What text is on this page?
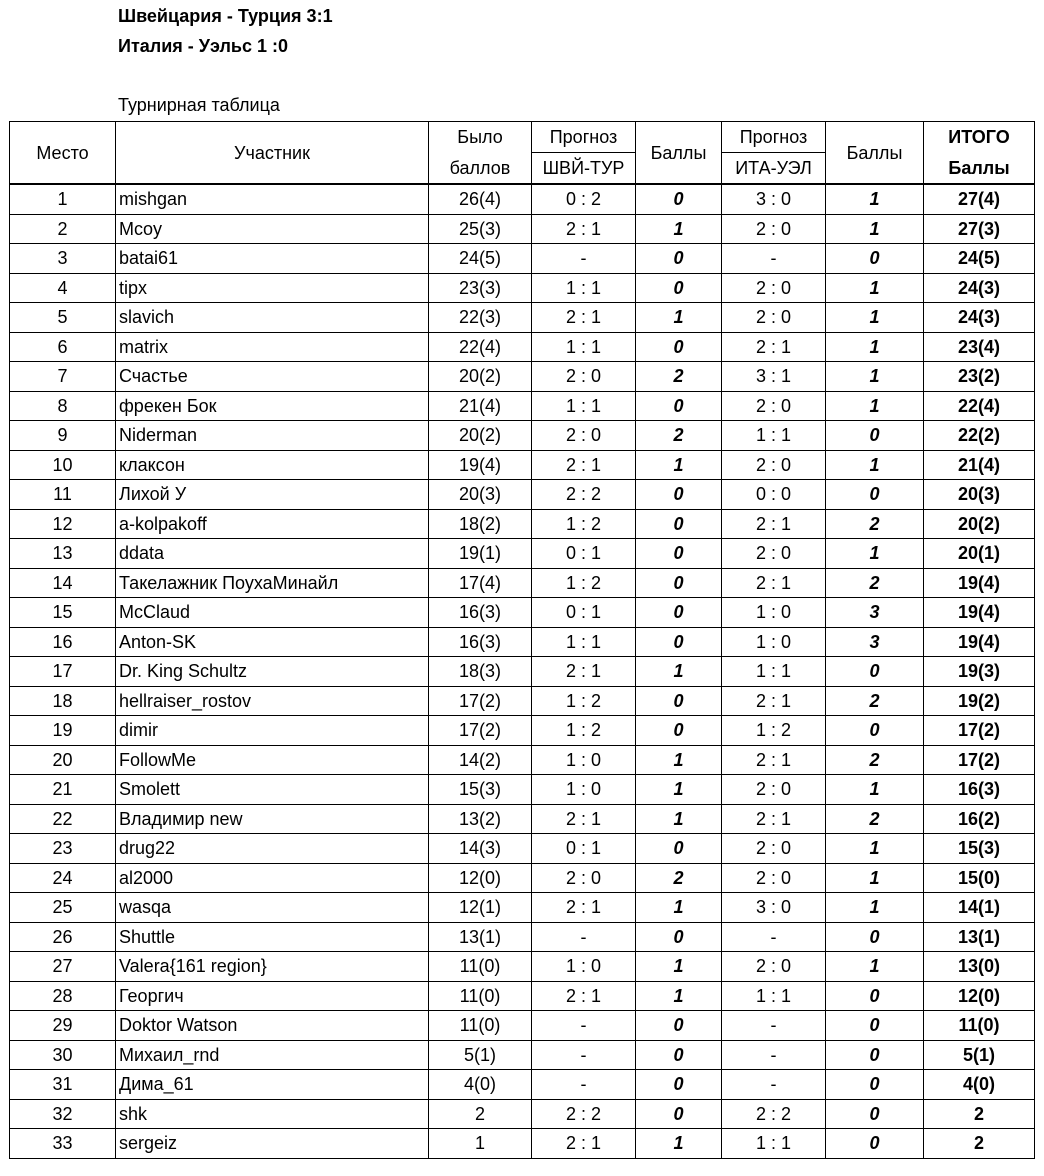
Швейцария - Турция 3:1
Италия - Уэльс 1 :0
Турнирная таблица
Место	Участник	Было	Прогноз	Баллы	Прогноз	Баллы	ИТОГО
		баллов	ШВЙ-ТУР		ИТА-УЭЛ		Баллы
1	mishgan	26(4)	0 : 2	0	3 : 0	1	27(4)
2	Mcoy	25(3)	2 : 1	1	2 : 0	1	27(3)
3	batai61	24(5)	-	0	-	0	24(5)
4	tipx	23(3)	1 : 1	0	2 : 0	1	24(3)
5	slavich	22(3)	2 : 1	1	2 : 0	1	24(3)
6	matrix	22(4)	1 : 1	0	2 : 1	1	23(4)
7	Счастье	20(2)	2 : 0	2	3 : 1	1	23(2)
8	фрекен Бок	21(4)	1 : 1	0	2 : 0	1	22(4)
9	Niderman	20(2)	2 : 0	2	1 : 1	0	22(2)
10	клаксон	19(4)	2 : 1	1	2 : 0	1	21(4)
11	Лихой У	20(3)	2 : 2	0	0 : 0	0	20(3)
12	a-kolpakoff	18(2)	1 : 2	0	2 : 1	2	20(2)
13	ddata	19(1)	0 : 1	0	2 : 0	1	20(1)
14	Такелажник ПоухаМинайл	17(4)	1 : 2	0	2 : 1	2	19(4)
15	McClaud	16(3)	0 : 1	0	1 : 0	3	19(4)
16	Anton-SK	16(3)	1 : 1	0	1 : 0	3	19(4)
17	Dr. King Schultz	18(3)	2 : 1	1	1 : 1	0	19(3)
18	hellraiser_rostov	17(2)	1 : 2	0	2 : 1	2	19(2)
19	dimir	17(2)	1 : 2	0	1 : 2	0	17(2)
20	FollowMe	14(2)	1 : 0	1	2 : 1	2	17(2)
21	Smolett	15(3)	1 : 0	1	2 : 0	1	16(3)
22	Владимир new	13(2)	2 : 1	1	2 : 1	2	16(2)
23	drug22	14(3)	0 : 1	0	2 : 0	1	15(3)
24	al2000	12(0)	2 : 0	2	2 : 0	1	15(0)
25	wasqa	12(1)	2 : 1	1	3 : 0	1	14(1)
26	Shuttle	13(1)	-	0	-	0	13(1)
27	Valera{161 region}	11(0)	1 : 0	1	2 : 0	1	13(0)
28	Георгич	11(0)	2 : 1	1	1 : 1	0	12(0)
29	Doktor Watson	11(0)	-	0	-	0	11(0)
30	Михаил_rnd	5(1)	-	0	-	0	5(1)
31	Дима_61	4(0)	-	0	-	0	4(0)
32	shk	2	2 : 2	0	2 : 2	0	2
33	sergeiz	1	2 : 1	1	1 : 1	0	2
